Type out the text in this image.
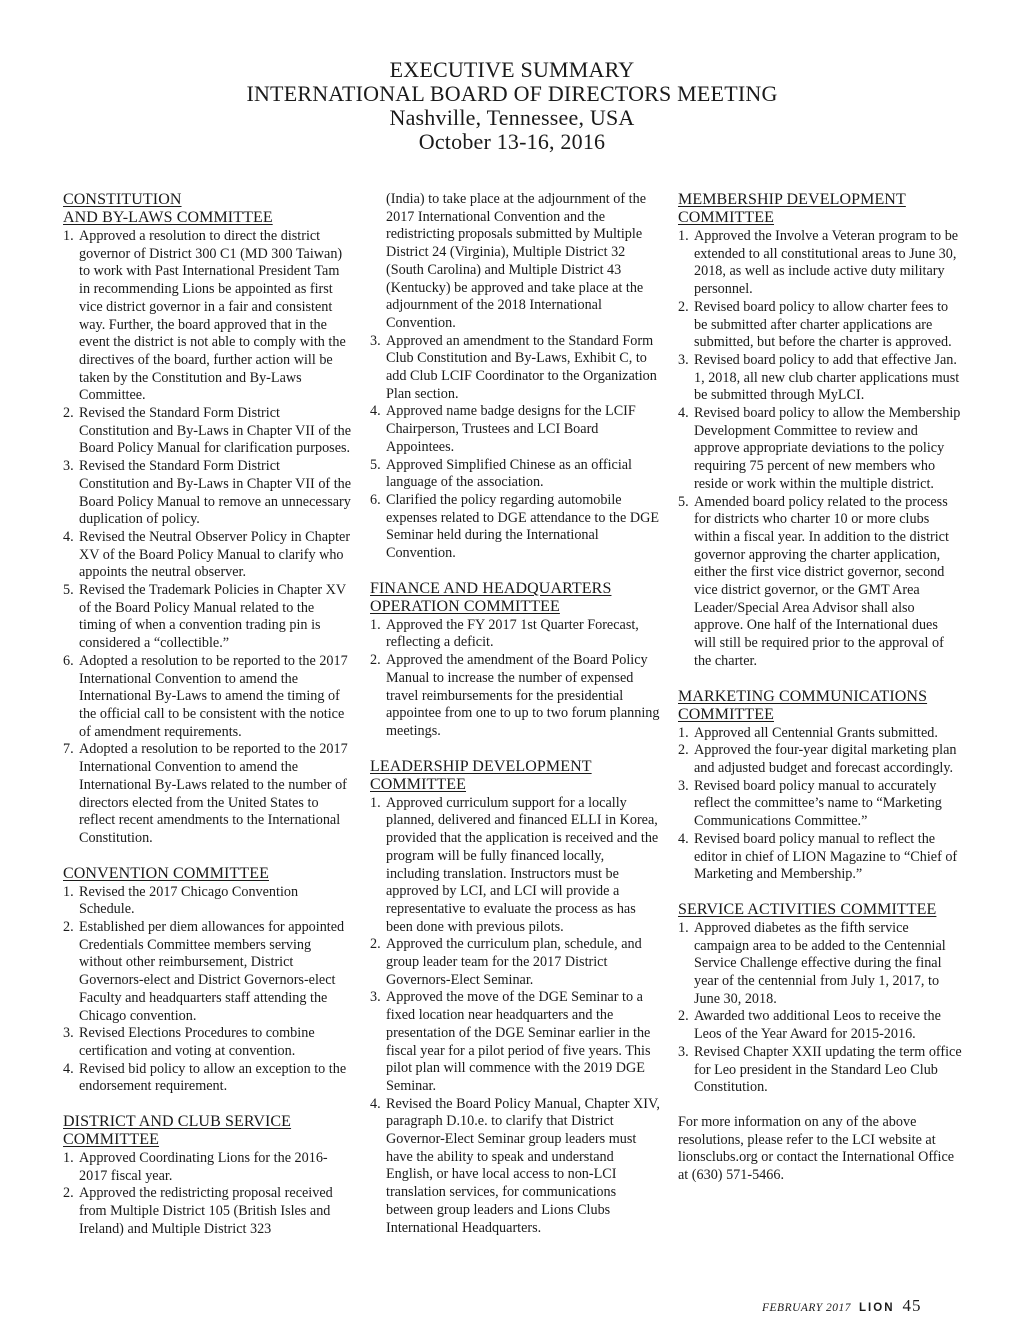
EXECUTIVE SUMMARY
INTERNATIONAL BOARD OF DIRECTORS MEETING
Nashville, Tennessee, USA
October 13-16, 2016
CONSTITUTION
AND BY-LAWS COMMITTEE
1. Approved a resolution to direct the district governor of District 300 C1 (MD 300 Taiwan) to work with Past International President Tam in recommending Lions be appointed as first vice district governor in a fair and consistent way. Further, the board approved that in the event the district is not able to comply with the directives of the board, further action will be taken by the Constitution and By-Laws Committee.
2. Revised the Standard Form District Constitution and By-Laws in Chapter VII of the Board Policy Manual for clarification purposes.
3. Revised the Standard Form District Constitution and By-Laws in Chapter VII of the Board Policy Manual to remove an unnecessary duplication of policy.
4. Revised the Neutral Observer Policy in Chapter XV of the Board Policy Manual to clarify who appoints the neutral observer.
5. Revised the Trademark Policies in Chapter XV of the Board Policy Manual related to the timing of when a convention trading pin is considered a “collectible.”
6. Adopted a resolution to be reported to the 2017 International Convention to amend the International By-Laws to amend the timing of the official call to be consistent with the notice of amendment requirements.
7. Adopted a resolution to be reported to the 2017 International Convention to amend the International By-Laws related to the number of directors elected from the United States to reflect recent amendments to the International Constitution.
CONVENTION COMMITTEE
1. Revised the 2017 Chicago Convention Schedule.
2. Established per diem allowances for appointed Credentials Committee members serving without other reimbursement, District Governors-elect and District Governors-elect Faculty and headquarters staff attending the Chicago convention.
3. Revised Elections Procedures to combine certification and voting at convention.
4. Revised bid policy to allow an exception to the endorsement requirement.
DISTRICT AND CLUB SERVICE
COMMITTEE
1. Approved Coordinating Lions for the 2016-2017 fiscal year.
2. Approved the redistricting proposal received from Multiple District 105 (British Isles and Ireland) and Multiple District 323
(India) to take place at the adjournment of the 2017 International Convention and the redistricting proposals submitted by Multiple District 24 (Virginia), Multiple District 32 (South Carolina) and Multiple District 43 (Kentucky) be approved and take place at the adjournment of the 2018 International Convention.
3. Approved an amendment to the Standard Form Club Constitution and By-Laws, Exhibit C, to add Club LCIF Coordinator to the Organization Plan section.
4. Approved name badge designs for the LCIF Chairperson, Trustees and LCI Board Appointees.
5. Approved Simplified Chinese as an official language of the association.
6. Clarified the policy regarding automobile expenses related to DGE attendance to the DGE Seminar held during the International Convention.
FINANCE AND HEADQUARTERS
OPERATION COMMITTEE
1. Approved the FY 2017 1st Quarter Forecast, reflecting a deficit.
2. Approved the amendment of the Board Policy Manual to increase the number of expensed travel reimbursements for the presidential appointee from one to up to two forum planning meetings.
LEADERSHIP DEVELOPMENT
COMMITTEE
1. Approved curriculum support for a locally planned, delivered and financed ELLI in Korea, provided that the application is received and the program will be fully financed locally, including translation. Instructors must be approved by LCI, and LCI will provide a representative to evaluate the process as has been done with previous pilots.
2. Approved the curriculum plan, schedule, and group leader team for the 2017 District Governors-Elect Seminar.
3. Approved the move of the DGE Seminar to a fixed location near headquarters and the presentation of the DGE Seminar earlier in the fiscal year for a pilot period of five years. This pilot plan will commence with the 2019 DGE Seminar.
4. Revised the Board Policy Manual, Chapter XIV, paragraph D.10.e. to clarify that District Governor-Elect Seminar group leaders must have the ability to speak and understand English, or have local access to non-LCI translation services, for communications between group leaders and Lions Clubs International Headquarters.
MEMBERSHIP DEVELOPMENT
COMMITTEE
1. Approved the Involve a Veteran program to be extended to all constitutional areas to June 30, 2018, as well as include active duty military personnel.
2. Revised board policy to allow charter fees to be submitted after charter applications are submitted, but before the charter is approved.
3. Revised board policy to add that effective Jan. 1, 2018, all new club charter applications must be submitted through MyLCI.
4. Revised board policy to allow the Membership Development Committee to review and approve appropriate deviations to the policy requiring 75 percent of new members who reside or work within the multiple district.
5. Amended board policy related to the process for districts who charter 10 or more clubs within a fiscal year. In addition to the district governor approving the charter application, either the first vice district governor, second vice district governor, or the GMT Area Leader/Special Area Advisor shall also approve. One half of the International dues will still be required prior to the approval of the charter.
MARKETING COMMUNICATIONS
COMMITTEE
1. Approved all Centennial Grants submitted.
2. Approved the four-year digital marketing plan and adjusted budget and forecast accordingly.
3. Revised board policy manual to accurately reflect the committee’s name to “Marketing Communications Committee.”
4. Revised board policy manual to reflect the editor in chief of LION Magazine to “Chief of Marketing and Membership.”
SERVICE ACTIVITIES COMMITTEE
1. Approved diabetes as the fifth service campaign area to be added to the Centennial Service Challenge effective during the final year of the centennial from July 1, 2017, to June 30, 2018.
2. Awarded two additional Leos to receive the Leos of the Year Award for 2015-2016.
3. Revised Chapter XXII updating the term office for Leo president in the Standard Leo Club Constitution.
For more information on any of the above resolutions, please refer to the LCI website at lionsclubs.org or contact the International Office at (630) 571-5466.
FEBRUARY 2017 LION 45
